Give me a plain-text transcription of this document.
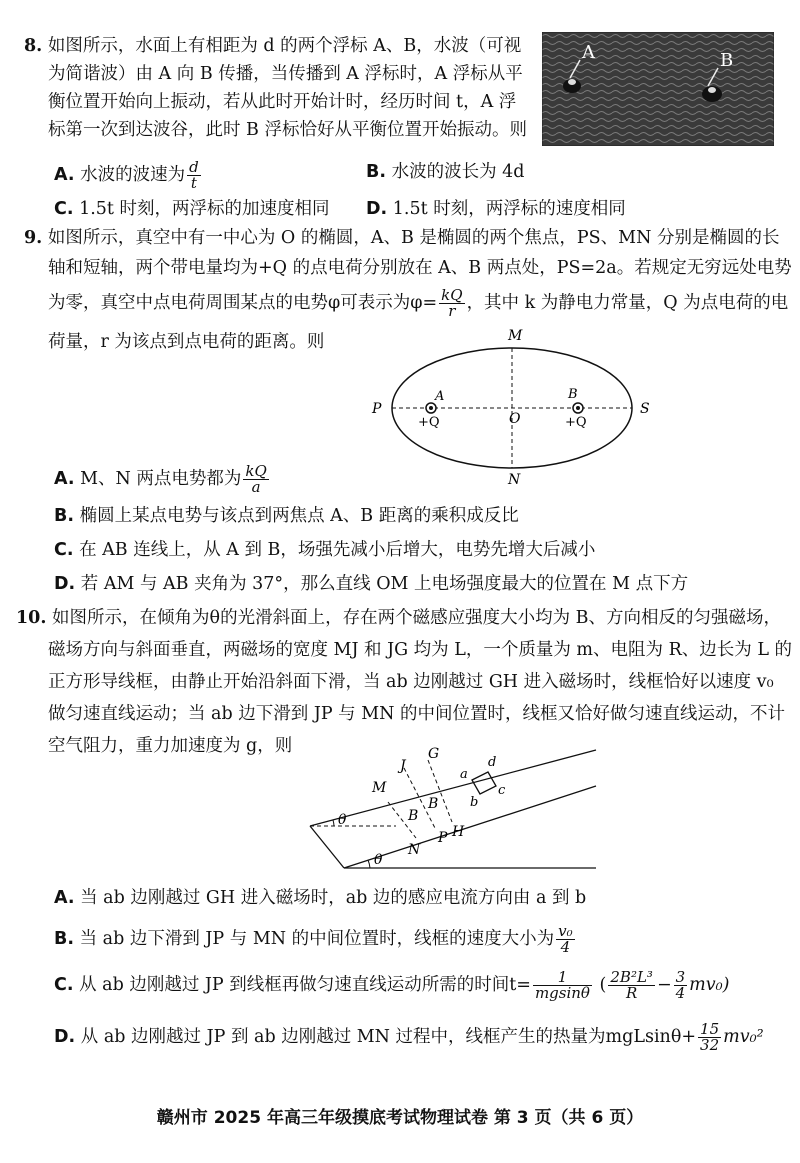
8. 如图所示，水面上有相距为 d 的两个浮标 A、B，水波（可视
为简谐波）由 A 向 B 传播，当传播到 A 浮标时，A 浮标从平
衡位置开始向上振动，若从此时开始计时，经历时间 t，A 浮
标第一次到达波谷，此时 B 浮标恰好从平衡位置开始振动。则
A	B
A. 水波的波速为 $\frac{d}{t}$	B. 水波的波长为 4d
C. 1.5t 时刻，两浮标的加速度相同 D. 1.5t 时刻，两浮标的速度相同
9. 如图所示，真空中有一中心为 O 的椭圆，A、B 是椭圆的两个焦点，PS、MN 分别是椭圆的长
轴和短轴，两个带电量均为+Q 的点电荷分别放在 A、B 两点处，PS=2a。若规定无穷远处电势
为零，真空中点电荷周围某点的电势φ可表示为$\varphi= \frac{kQ}{r}$ ，其中 k 为静电力常量，Q 为点电荷的电
荷量，r 为该点到点电荷的距离。则	M
N
P	S
O
A	B
+Q	+Q
A. M、N 两点电势都为 $\frac{kQ}{a}$
B. 椭圆上某点电势与该点到两焦点 A、B 距离的乘积成反比
C. 在 AB 连线上，从 A 到 B，场强先减小后增大，电势先增大后减小
D. 若 AM 与 AB 夹角为 37°，那么直线 OM 上电场强度最大的位置在 M 点下方
10. 如图所示，在倾角为θ的光滑斜面上，存在两个磁感应强度大小均为 B、方向相反的匀强磁场，
磁场方向与斜面垂直，两磁场的宽度 MJ 和 JG 均为 L，一个质量为 m、电阻为 R、边长为 L 的
正方形导线框，由静止开始沿斜面下滑，当 ab 边刚越过 GH 进入磁场时，线框恰好以速度 v₀
做匀速直线运动；当 ab 边下滑到 JP 与 MN 的中间位置时，线框又恰好做匀速直线运动，不计
空气阻力，重力加速度为 g，则
θ
θ
M
J
G
N
P H
B
B
a
b
c
d
A. 当 ab 边刚越过 GH 进入磁场时，ab 边的感应电流方向由 a 到 b
B. 当 ab 边下滑到 JP 与 MN 的中间位置时，线框的速度大小为 $\frac{\text{v₀}}{4}$
C. 从 ab 边刚越过 JP 到线框再做匀速直线运动所需的时间$t= \frac{1}{mgsin\theta}$ ( $\frac{\text{2B²L³}}{R} - \frac{3}{4} mv_0$)
D. 从 ab 边刚越过 JP 到 ab 边刚越过 MN 过程中，线框产生的热量为$mgLsin\theta+ \frac{15}{32} mv_0^2$
赣州市 2025 年高三年级摸底考试物理试卷 第 3 页（共 6 页）
